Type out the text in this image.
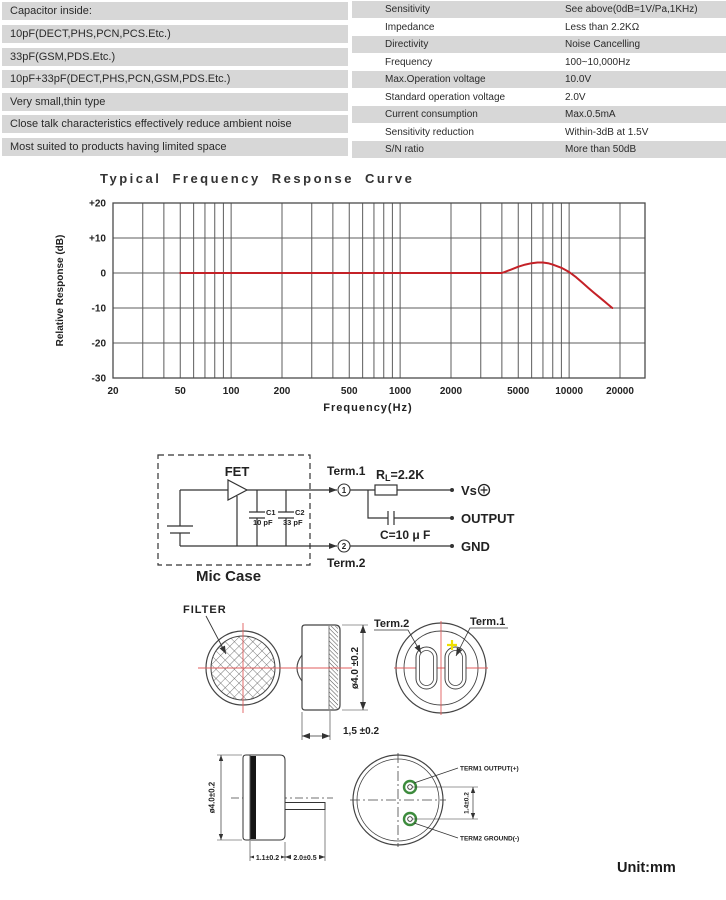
Capacitor inside:
10pF(DECT,PHS,PCN,PCS.Etc.)
33pF(GSM,PDS.Etc.)
10pF+33pF(DECT,PHS,PCN,GSM,PDS.Etc.)
Very small,thin type
Close talk characteristics effectively reduce ambient noise
Most suited to products having limited space
Sensitivity	See above(0dB=1V/Pa,1KHz)
Impedance	Less than 2.2KΩ
Directivity	Noise Cancelling
Frequency	100~10,000Hz
Max.Operation voltage	10.0V
Standard operation voltage	2.0V
Current consumption	Max.0.5mA
Sensitivity reduction	Within-3dB at 1.5V
S/N ratio	More than 50dB
Typical Frequency Response Curve
+20
+10
0
-10
-20
-30
20	50	100	200	500	1000	2000	5000	10000 20000
Frequency(Hz)
Relative Response (dB)
FET
1
2
Term.1
Term.2
RL=2.2K
C=10 μ F
Vs
OUTPUT
GND
C1
10 pF
C2
33 pF
Mic Case
FILTER
ø4.0 ±0.2
1,5 ±0.2
Term.2	Term.1
ø4.0±0.2
1.1±0.2 2.0±0.5
TERM1 OUTPUT(+)
TERM2 GROUND(-)
1.4±0.2
Unit:mm
